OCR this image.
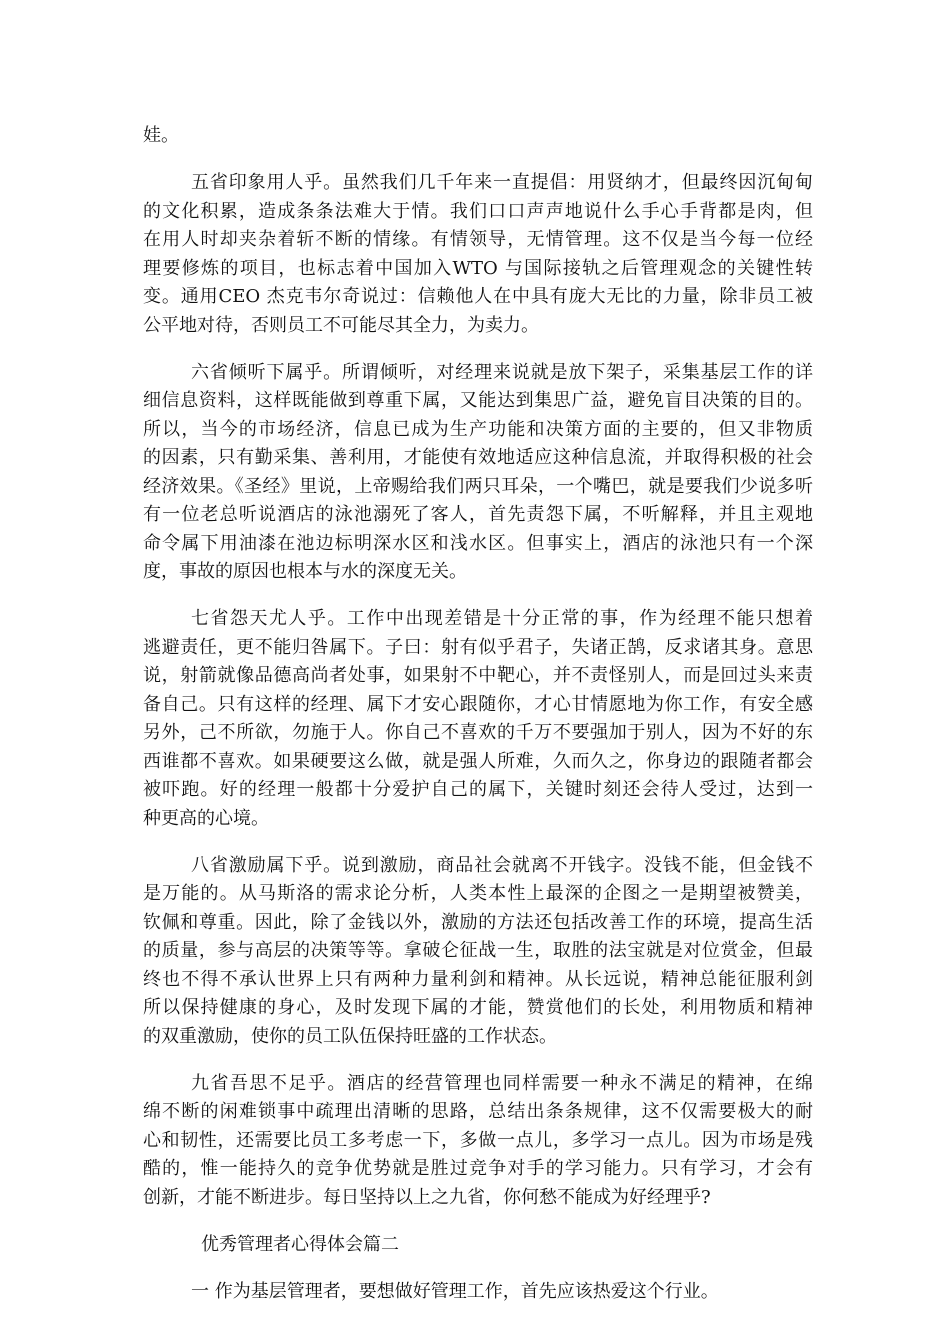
娃。
五省印象用人乎。虽然我们几千年来一直提倡：用贤纳才，但最终因沉甸甸
的文化积累，造成条条法难大于情。我们口口声声地说什么手心手背都是肉，但
在用人时却夹杂着斩不断的情缘。有情领导，无情管理。这不仅是当今每一位经
理要修炼的项目，也标志着中国加入WTO 与国际接轨之后管理观念的关键性转
变。通用CEO 杰克韦尔奇说过：信赖他人在中具有庞大无比的力量，除非员工被
公平地对待，否则员工不可能尽其全力，为卖力。
六省倾听下属乎。所谓倾听，对经理来说就是放下架子，采集基层工作的详
细信息资料，这样既能做到尊重下属，又能达到集思广益，避免盲目决策的目的。
所以，当今的市场经济，信息已成为生产功能和决策方面的主要的，但又非物质
的因素，只有勤采集、善利用，才能使有效地适应这种信息流，并取得积极的社会
经济效果。《圣经》里说，上帝赐给我们两只耳朵，一个嘴巴，就是要我们少说多听
有一位老总听说酒店的泳池溺死了客人，首先责怨下属，不听解释，并且主观地
命令属下用油漆在池边标明深水区和浅水区。但事实上，酒店的泳池只有一个深
度，事故的原因也根本与水的深度无关。
七省怨天尤人乎。工作中出现差错是十分正常的事，作为经理不能只想着
逃避责任，更不能归咎属下。子曰：射有似乎君子，失诸正鹄，反求诸其身。意思
说，射箭就像品德高尚者处事，如果射不中靶心，并不责怪别人，而是回过头来责
备自己。只有这样的经理、属下才安心跟随你，才心甘情愿地为你工作，有安全感
另外，己不所欲，勿施于人。你自己不喜欢的千万不要强加于别人，因为不好的东
西谁都不喜欢。如果硬要这么做，就是强人所难，久而久之，你身边的跟随者都会
被吓跑。好的经理一般都十分爱护自己的属下，关键时刻还会待人受过，达到一
种更高的心境。
八省激励属下乎。说到激励，商品社会就离不开钱字。没钱不能，但金钱不
是万能的。从马斯洛的需求论分析，人类本性上最深的企图之一是期望被赞美，
钦佩和尊重。因此，除了金钱以外，激励的方法还包括改善工作的环境，提高生活
的质量，参与高层的决策等等。拿破仑征战一生，取胜的法宝就是对位赏金，但最
终也不得不承认世界上只有两种力量利剑和精神。从长远说，精神总能征服利剑
所以保持健康的身心，及时发现下属的才能，赞赏他们的长处，利用物质和精神
的双重激励，使你的员工队伍保持旺盛的工作状态。
九省吾思不足乎。酒店的经营管理也同样需要一种永不满足的精神，在绵
绵不断的闲难锁事中疏理出清晰的思路，总结出条条规律，这不仅需要极大的耐
心和韧性，还需要比员工多考虑一下，多做一点儿，多学习一点儿。因为市场是残
酷的，惟一能持久的竞争优势就是胜过竞争对手的学习能力。只有学习，才会有
创新，才能不断进步。每日坚持以上之九省，你何愁不能成为好经理乎?
优秀管理者心得体会篇二
一 作为基层管理者，要想做好管理工作，首先应该热爱这个行业。
